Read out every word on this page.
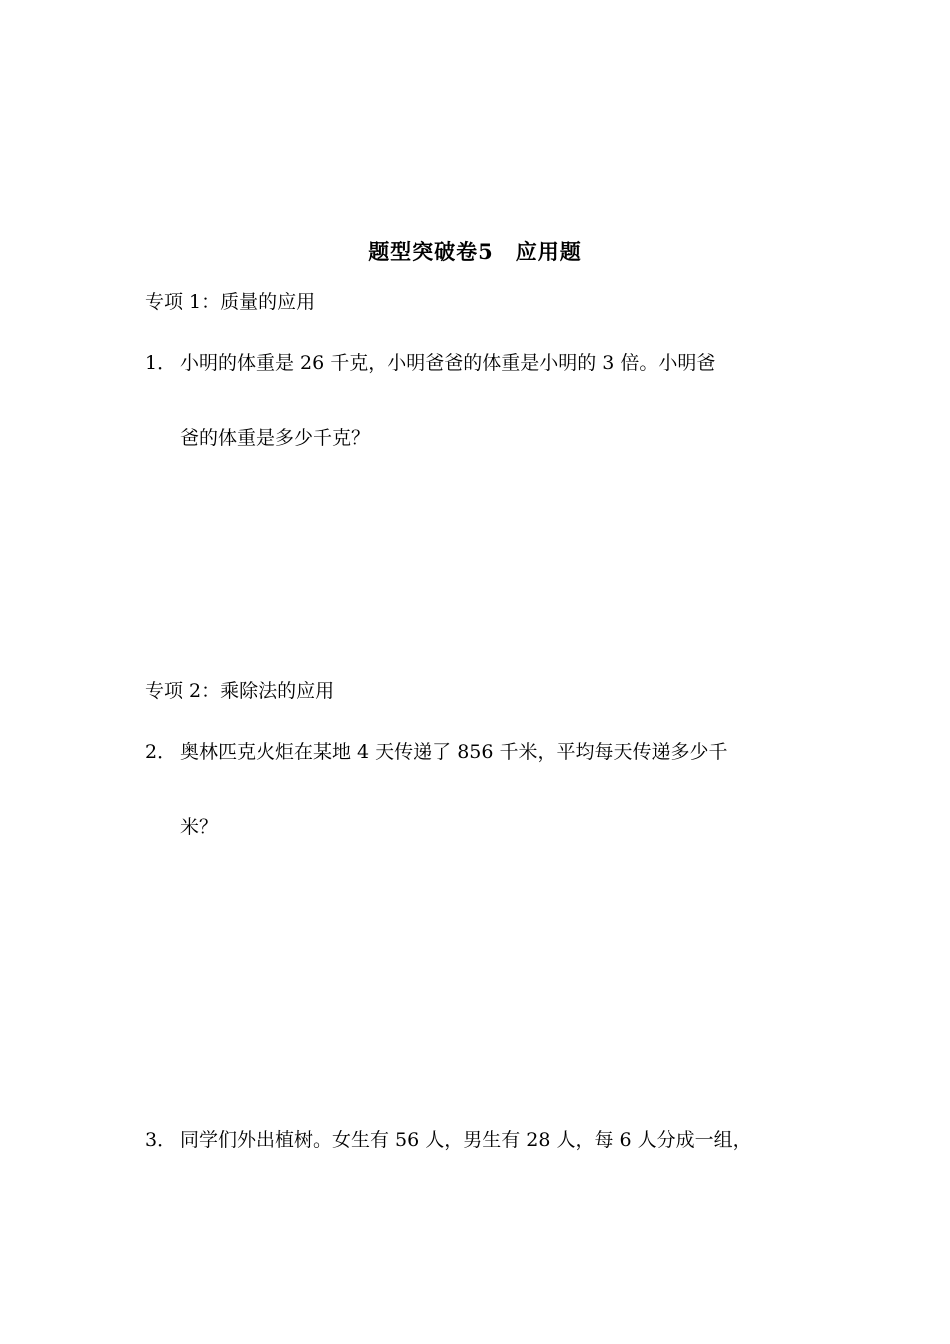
题型突破卷5　应用题
专项 1：质量的应用
1． 小明的体重是 26 千克，小明爸爸的体重是小明的 3 倍。小明爸
爸的体重是多少千克？
专项 2：乘除法的应用
2． 奥林匹克火炬在某地 4 天传递了 856 千米，平均每天传递多少千
米？
3． 同学们外出植树。女生有 56 人，男生有 28 人，每 6 人分成一组，
